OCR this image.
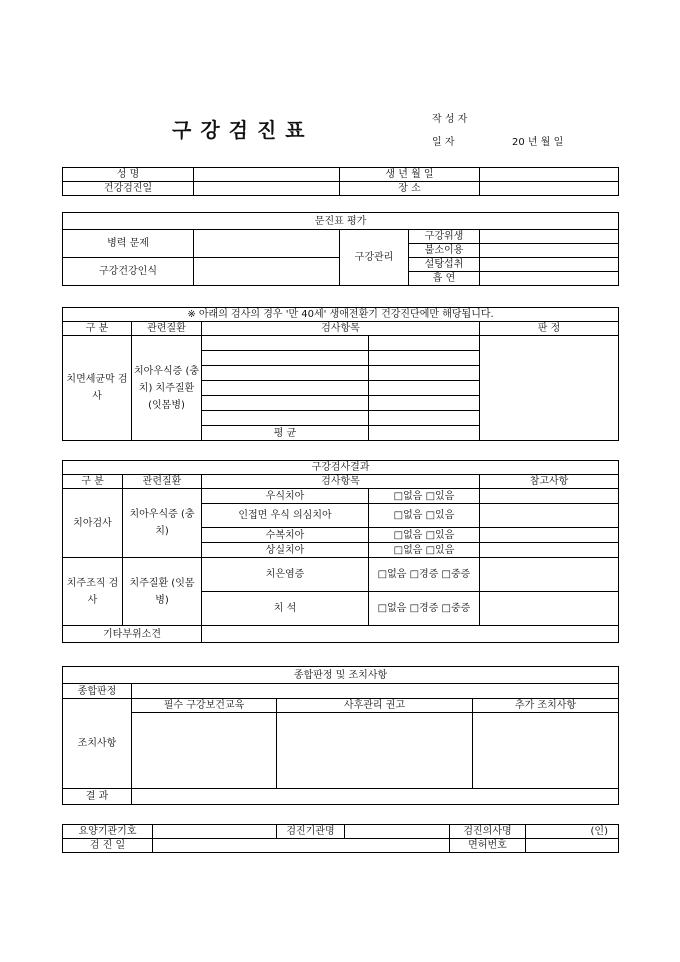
구강검진표	작 성 자
일 자	20 년 월 일
성 명		생 년 월 일	
건강검진일		장 소	
문진표 평가				
병력 문제		구강관리	구강위생	
			불소이용	
구강건강인식			설탕섭취	
			흡 연	
※ 아래의 검사의 경우 '만 40세' 생애전환기 건강진단에만 해당됩니다.				
구 분	관련질환	검사항목		판 정
치면세균막 검 사	치아우식증 (충치) 치주질환 (잇몸병)			

		평 균		
구강검사결과				
구 분	관련질환	검사항목		참고사항
치아검사	치아우식증 (충치)	우식치아	□없음 □있음	
		인접면 우식 의심치아	□없음 □있음	
		수복치아	□없음 □있음	
		상실치아	□없음 □있음	
치주조직 검 사	치주질환 (잇몸병)	치은염증	□없음 □경증 □중증	
		치 석	□없음 □경증 □중증	
기타부위소견				
종합판정 및 조치사항			
종합판정			
조치사항	필수 구강보건교육	사후관리 권고	추가 조치사항

결 과			
요양기관기호		검진기관명		검진의사명	(인)
검 진 일				면허번호	
